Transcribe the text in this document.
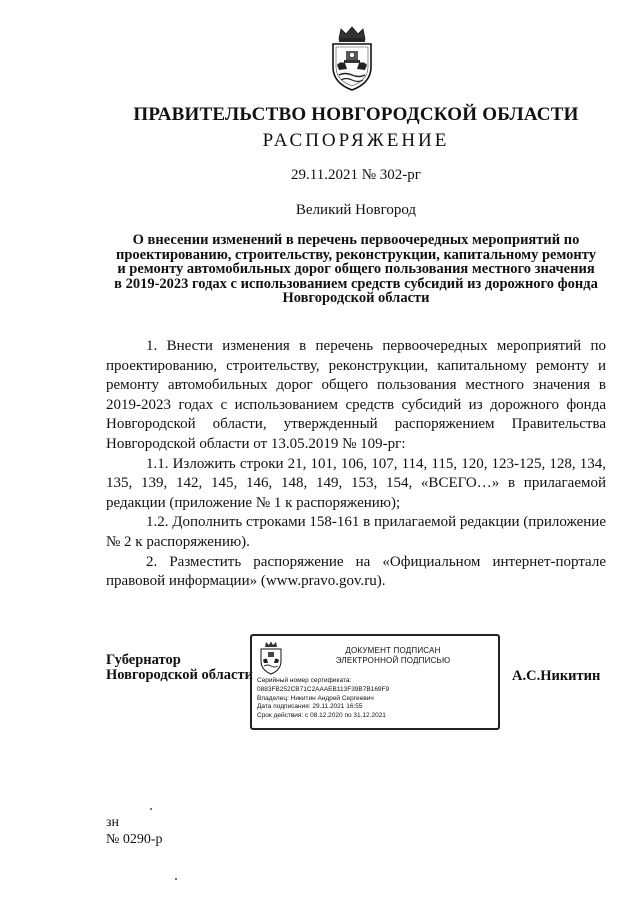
ПРАВИТЕЛЬСТВО НОВГОРОДСКОЙ ОБЛАСТИ
РАСПОРЯЖЕНИЕ
29.11.2021 № 302-рг
Великий Новгород
О внесении изменений в перечень первоочередных мероприятий по
проектированию, строительству, реконструкции, капитальному ремонту
и ремонту автомобильных дорог общего пользования местного значения
в 2019-2023 годах с использованием средств субсидий из дорожного фонда
Новгородской области

1. Внести изменения в перечень первоочередных мероприятий по проектированию, строительству, реконструкции, капитальному ремонту и ремонту автомобильных дорог общего пользования местного значения в 2019-2023 годах с использованием средств субсидий из дорожного фонда Новгородской области, утвержденный распоряжением Правительства Новгородской области от 13.05.2019 № 109-рг:

1.1. Изложить строки 21, 101, 106, 107, 114, 115, 120, 123-125, 128, 134, 135, 139, 142, 145, 146, 148, 149, 153, 154, «ВСЕГО…» в прилагаемой редакции (приложение № 1 к распоряжению);

1.2. Дополнить строками 158-161 в прилагаемой редакции (приложение № 2 к распоряжению).

2. Разместить распоряжение на «Официальном интернет-портале правовой информации» (www.pravo.gov.ru).

Губернатор
Новгородской области
ДОКУМЕНТ ПОДПИСАН
ЭЛЕКТРОННОЙ ПОДПИСЬЮ
Серийный номер сертификата:
0883FB252CB71C2AAAEB113F39B7B169F9
Владелец: Никитин Андрей Сергеевич
Дата подписания: 29.11.2021 16:55
Срок действия: с 08.12.2020 по 31.12.2021
А.С.Никитин
зн
№ 0290-р
